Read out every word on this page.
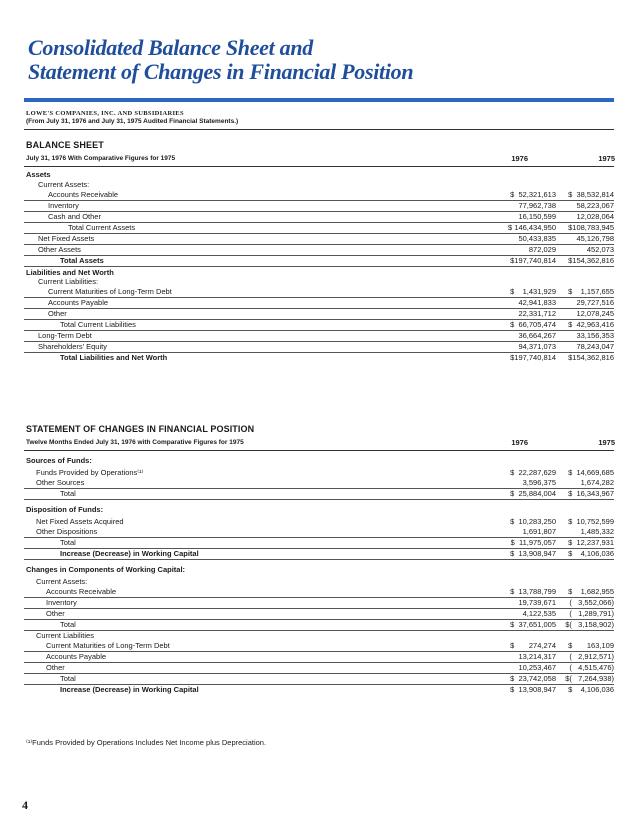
Consolidated Balance Sheet and
Statement of Changes in Financial Position
LOWE'S COMPANIES, INC. AND SUBSIDIARIES
(From July 31, 1976 and July 31, 1975 Audited Financial Statements.)
BALANCE SHEET
July 31, 1976 With Comparative Figures for 1975	1976	1975
Assets
Current Assets:
Accounts Receivable	$  52,321,613	$  38,532,814
Inventory	77,962,738	58,223,067
Cash and Other	16,150,599	12,028,064
Total Current Assets	$ 146,434,950	$108,783,945
Net Fixed Assets	50,433,835	45,126,798
Other Assets	872,029	452,073
Total Assets	$197,740,814	$154,362,816
Liabilities and Net Worth
Current Liabilities:
Current Maturities of Long-Term Debt	$    1,431,929	$    1,157,655
Accounts Payable	42,941,833	29,727,516
Other	22,331,712	12,078,245
Total Current Liabilities	$  66,705,474	$  42,963,416
Long-Term Debt	36,664,267	33,156,353
Shareholders' Equity	94,371,073	78,243,047
Total Liabilities and Net Worth	$197,740,814	$154,362,816
STATEMENT OF CHANGES IN FINANCIAL POSITION
Twelve Months Ended July 31, 1976 with Comparative Figures for 1975	1976	1975
Sources of Funds:
Funds Provided by Operations⁽¹⁾	$  22,287,629	$  14,669,685
Other Sources	3,596,375	1,674,282
Total	$  25,884,004	$  16,343,967
Disposition of Funds:
Net Fixed Assets Acquired	$  10,283,250	$  10,752,599
Other Dispositions	1,691,807	1,485,332
Total	$  11,975,057	$  12,237,931
Increase (Decrease) in Working Capital	$  13,908,947	$    4,106,036
Changes in Components of Working Capital:
Current Assets:
Accounts Receivable	$  13,788,799	$    1,682,955
Inventory	19,739,671	(   3,552,066)
Other	4,122,535	(   1,289,791)
Total	$  37,651,005 $(   3,158,902)
Current Liabilities
Current Maturities of Long-Term Debt	$       274,274	$       163,109
Accounts Payable	13,214,317	(   2,912,571)
Other	10,253,467	(   4,515,476)
Total	$  23,742,058 $(   7,264,938)
Increase (Decrease) in Working Capital	$  13,908,947	$    4,106,036
⁽¹⁾Funds Provided by Operations Includes Net Income plus Depreciation.
4
